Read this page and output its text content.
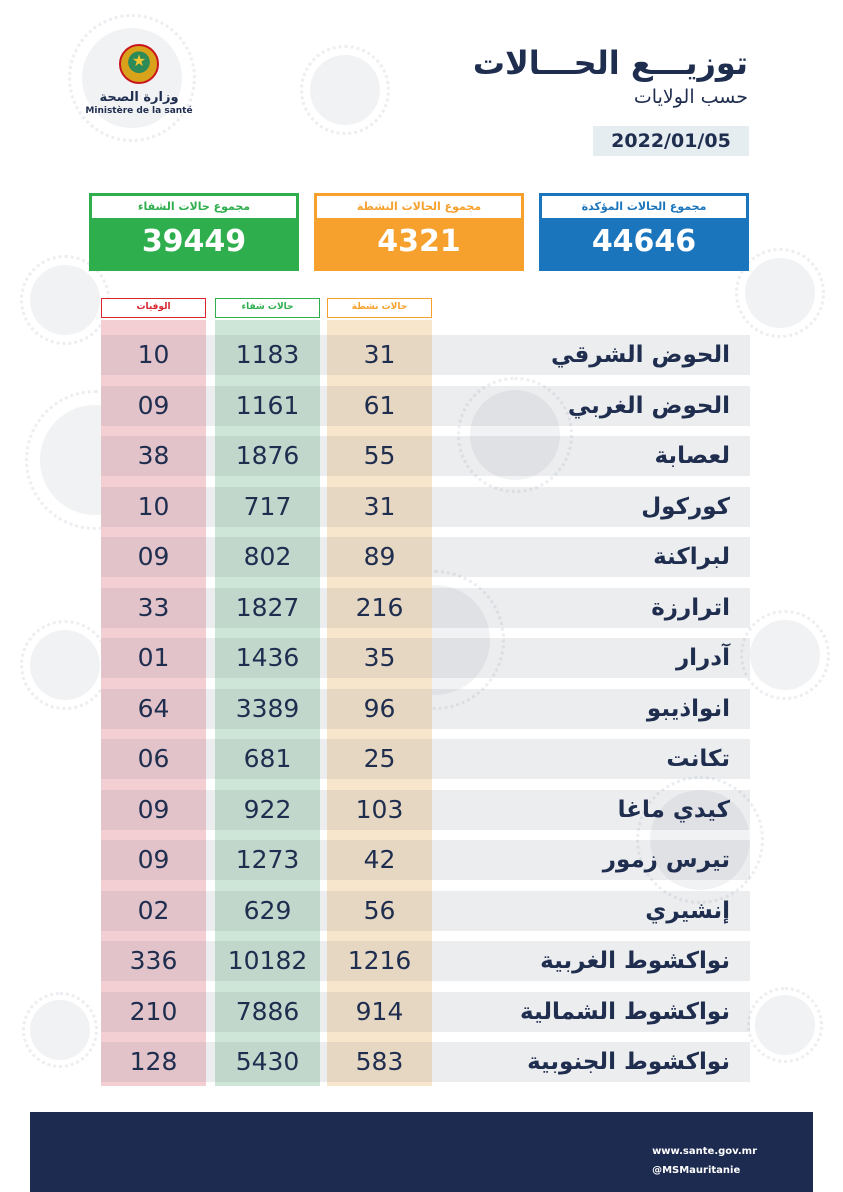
★
وزارة الصحة
Ministère de la santé
توزيـــع الحـــالات
حسب الولايات
2022/01/05
مجموع الحالات المؤكدة
44646
مجموع الحالات النشطة
4321
مجموع حالات الشفاء
39449
حالات نشطة
حالات شفاء
الوفيات
الحوض الشرقي
31
1183
10
الحوض الغربي
61
1161
09
لعصابة
55
1876
38
كوركول
31
717
10
لبراكنة
89
802
09
اترارزة
216
1827
33
آدرار
35
1436
01
انواذيبو
96
3389
64
تكانت
25
681
06
كيدي ماغا
103
922
09
تيرس زمور
42
1273
09
إنشيري
56
629
02
نواكشوط الغربية
1216
10182
336
نواكشوط الشمالية
914
7886
210
نواكشوط الجنوبية
583
5430
128
www.sante.gov.mr
@MSMauritanie
